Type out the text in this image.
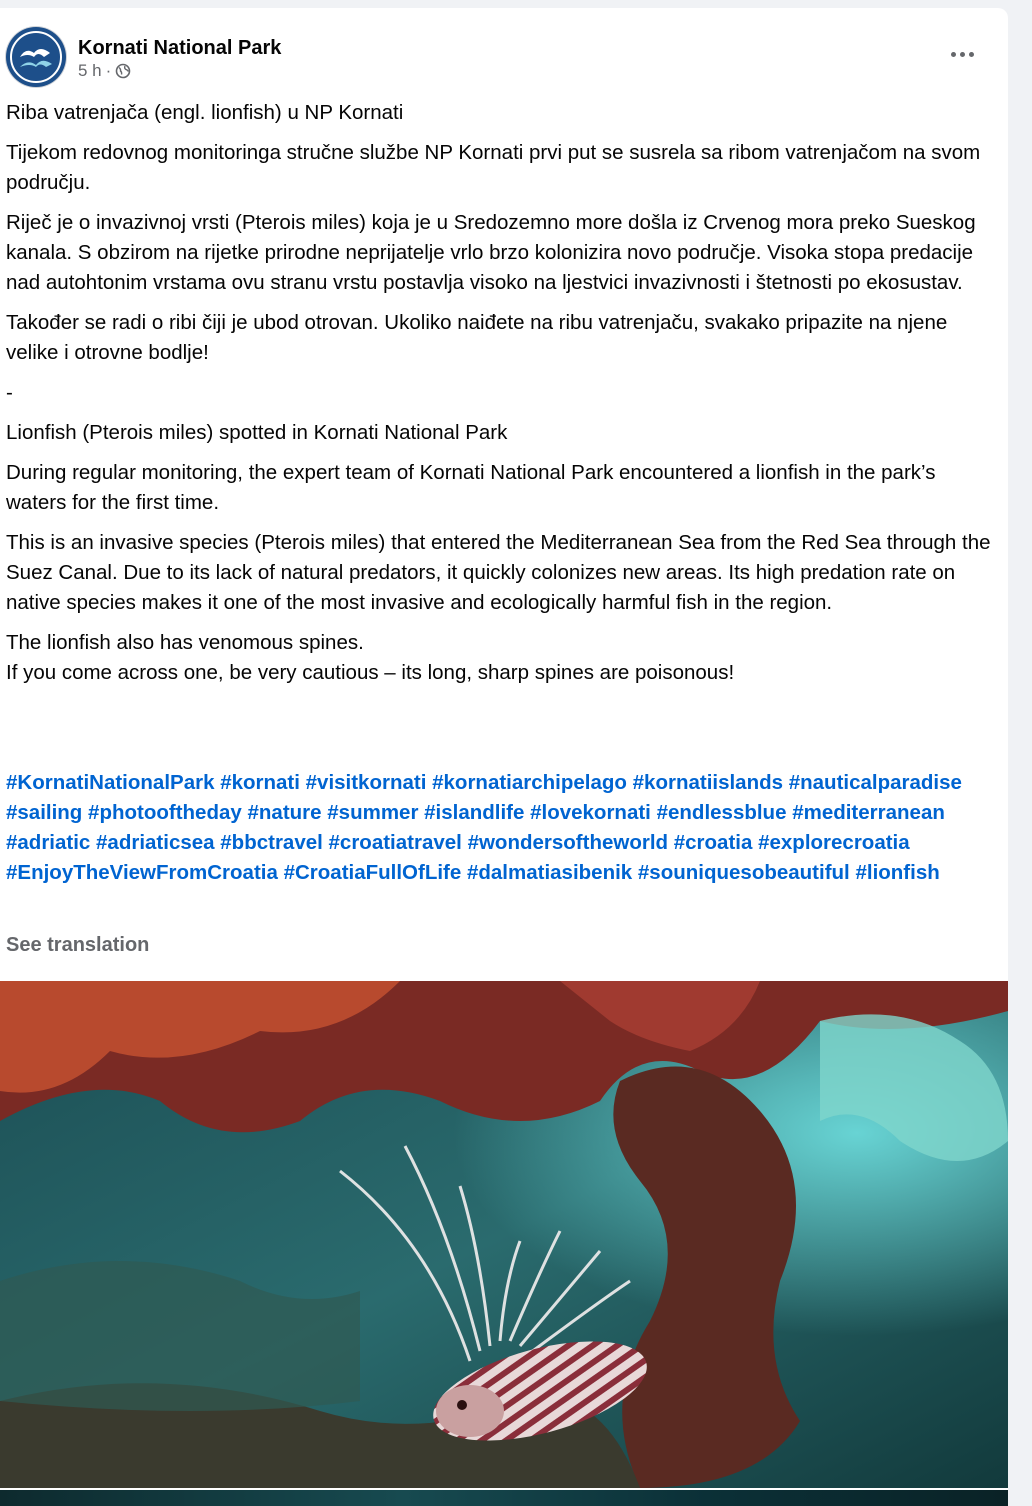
Kornati National Park
5 h ·

Riba vatrenjača (engl. lionfish) u NP Kornati

Tijekom redovnog monitoringa stručne službe NP Kornati prvi put se susrela sa ribom vatrenjačom na svom području.

Riječ je o invazivnoj vrsti (Pterois miles) koja je u Sredozemno more došla iz Crvenog mora preko Sueskog kanala. S obzirom na rijetke prirodne neprijatelje vrlo brzo kolonizira novo područje. Visoka stopa predacije nad autohtonim vrstama ovu stranu vrstu postavlja visoko na ljestvici invazivnosti i štetnosti po ekosustav.

Također se radi o ribi čiji je ubod otrovan. Ukoliko naiđete na ribu vatrenjaču, svakako pripazite na njene velike i otrovne bodlje!

-

Lionfish (Pterois miles) spotted in Kornati National Park

During regular monitoring, the expert team of Kornati National Park encountered a lionfish in the park’s waters for the first time.

This is an invasive species (Pterois miles) that entered the Mediterranean Sea from the Red Sea through the Suez Canal. Due to its lack of natural predators, it quickly colonizes new areas. Its high predation rate on native species makes it one of the most invasive and ecologically harmful fish in the region.

The lionfish also has venomous spines.
If you come across one, be very cautious – its long, sharp spines are poisonous!

#KornatiNationalPark #kornati #visitkornati #kornatiarchipelago #kornatiislands #nauticalparadise #sailing #photooftheday #nature #summer #islandlife #lovekornati #endlessblue #mediterranean #adriatic #adriaticsea #bbctravel #croatiatravel #wondersoftheworld #croatia #explorecroatia #EnjoyTheViewFromCroatia #CroatiaFullOfLife #dalmatiasibenik #souniquesobeautiful #lionfish
See translation
